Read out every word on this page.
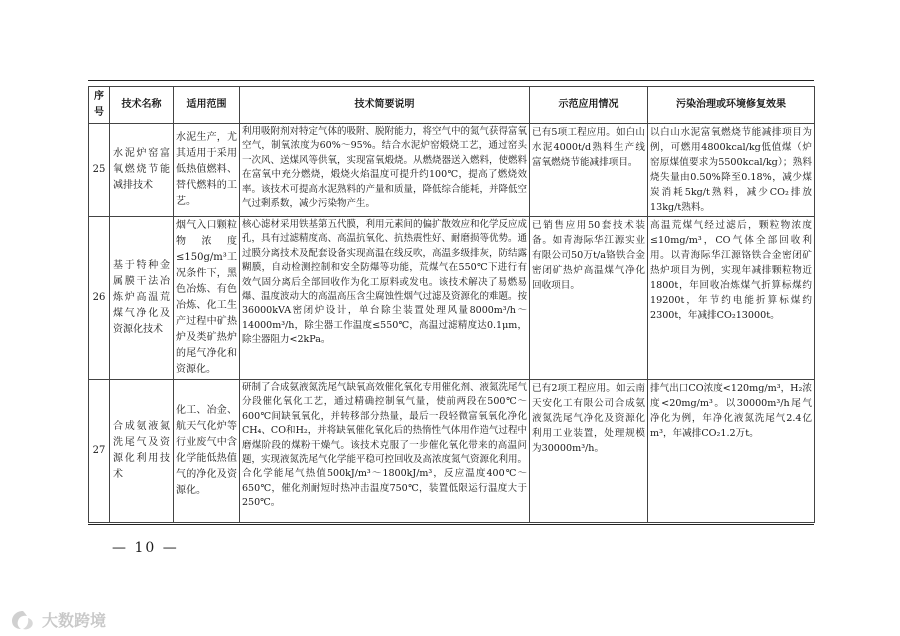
序号	技术名称	适用范围	技术简要说明	示范应用情况	污染治理或环境修复效果
25	水泥炉窑富氧燃烧节能减排技术	水泥生产，尤其适用于采用低热值燃料、替代燃料的工艺。	利用吸附剂对特定气体的吸附、脱附能力，将空气中的氮气获得富氧空气，制氧浓度为60%～95%。结合水泥炉窑煅烧工艺，通过窑头一次风、送煤风等供氧，实现富氧煅烧。从燃烧器送入燃料，使燃料在富氧中充分燃烧，煅烧火焰温度可提升约100℃，提高了燃烧效率。该技术可提高水泥熟料的产量和质量，降低综合能耗，并降低空气过剩系数，减少污染物产生。	已有5项工程应用。如白山水泥4000t/d熟料生产线富氧燃烧节能减排项目。	以白山水泥富氧燃烧节能减排项目为例，可燃用4800kcal/kg低值煤（炉窑原煤值要求为5500kcal/kg）；熟料烧失量由0.50%降至0.18%，减少煤炭消耗5kg/t熟料，减少CO₂排放13kg/t熟料。
26	基于特种金属膜干法冶炼炉高温荒煤气净化及资源化技术	烟气入口颗粒物浓度≤150g/m³工况条件下，黑色冶炼、有色冶炼、化工生产过程中矿热炉及类矿热炉的尾气净化和资源化。	核心滤材采用铁基第五代膜，利用元素间的偏扩散效应和化学反应成孔，具有过滤精度高、高温抗氧化、抗热震性好、耐磨损等优势。通过膜分离技术及配套设备实现高温在线反吹，高温多级排灰，防结露糊膜，自动检测控制和安全防爆等功能，荒煤气在550℃下进行有效气固分离后全部回收作为化工原料或发电。该技术解决了易燃易爆、温度波动大的高温高压含尘腐蚀性烟气过滤及资源化的难题。按36000kVA密闭炉设计，单台除尘装置处理风量8000m³/h～14000m³/h，除尘器工作温度≤550℃，高温过滤精度达0.1μm，除尘器阻力<2kPa。	已销售应用50套技术装备。如青海际华江源实业有限公司50万t/a铬铁合金密闭矿热炉高温煤气净化回收项目。	高温荒煤气经过滤后，颗粒物浓度≤10mg/m³，CO气体全部回收利用。以青海际华江源铬铁合金密闭矿热炉项目为例，实现年减排颗粒物近1800t，年回收冶炼煤气折算标煤约19200t，年节约电能折算标煤约2300t，年减排CO₂13000t。
27	合成氨液氮洗尾气及资源化利用技术	化工、冶金、航天气化炉等行业废气中含化学能低热值气的净化及资源化。	研制了合成氨液氮洗尾气缺氧高效催化氧化专用催化剂、液氮洗尾气分段催化氧化工艺，通过精确控制氧气量，使前两段在500℃～600℃间缺氧氧化，并转移部分热量，最后一段轻微富氧氧化净化CH₄、CO和H₂，并将缺氧催化氧化后的热惰性气体用作造气过程中磨煤阶段的煤粉干燥气。该技术克服了一步催化氧化带来的高温问题，实现液氮洗尾气化学能平稳可控回收及高浓度氮气资源化利用。合化学能尾气热值500kJ/m³～1800kJ/m³，反应温度400℃～650℃，催化剂耐短时热冲击温度750℃，装置低限运行温度大于250℃。	已有2项工程应用。如云南天安化工有限公司合成氨液氮洗尾气净化及资源化利用工业装置，处理规模为30000m³/h。	排气出口CO浓度<120mg/m³，H₂浓度<20mg/m³。以30000m³/h尾气净化为例，年净化液氮洗尾气2.4亿m³，年减排CO₂1.2万t。
— 10 —
大数跨境
